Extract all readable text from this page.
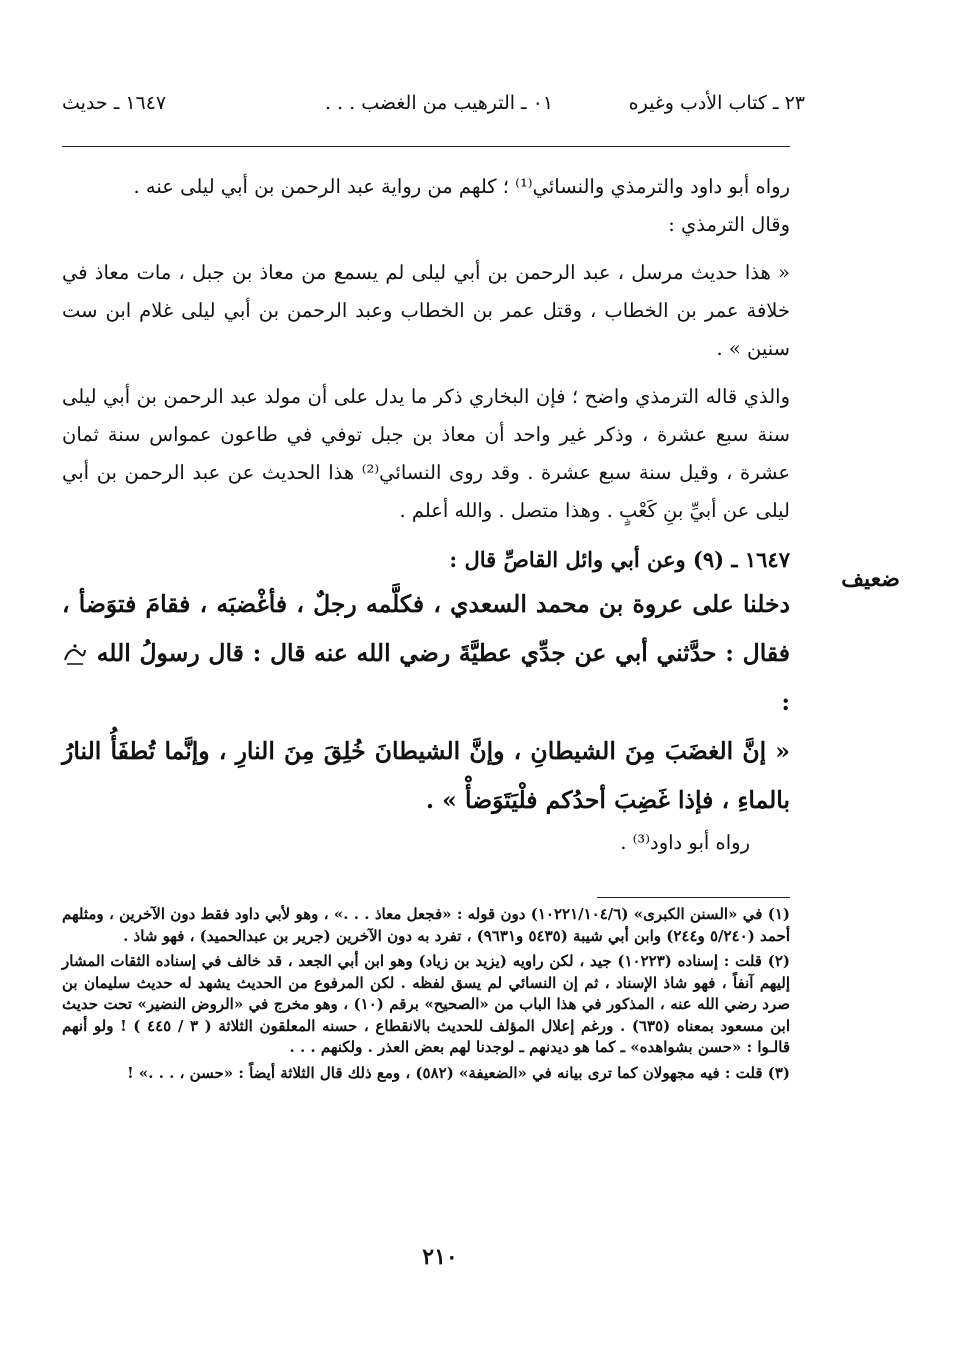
٢٣ ـ كتاب الأدب وغيره
٠١ ـ الترهيب من الغضب . . .
١٦٤٧ ـ حديث
ضعيف

رواه أبو داود والترمذي والنسائي⁽¹⁾ ؛ كلهم من رواية عبد الرحمن بن أبي ليلى عنه .

وقال الترمذي :

« هذا حديث مرسل ، عبد الرحمن بن أبي ليلى لم يسمع من معاذ بن جبل ، مات معاذ في خلافة عمر بن الخطاب ، وقتل عمر بن الخطاب وعبد الرحمن بن أبي ليلى غلام ابن ست سنين » .

والذي قاله الترمذي واضح ؛ فإن البخاري ذكر ما يدل على أن مولد عبد الرحمن بن أبي ليلى سنة سبع عشرة ، وذكر غير واحد أن معاذ بن جبل توفي في طاعون عمواس سنة ثمان عشرة ، وقيل سنة سبع عشرة . وقد روى النسائي⁽²⁾ هذا الحديث عن عبد الرحمن بن أبي ليلى عن أبيِّ بنِ كَعْبٍ . وهذا متصل . والله أعلم .

١٦٤٧ ـ (٩) وعن أبي وائل القاصِّ قال :

دخلنا على عروة بن محمد السعدي ، فكلَّمه رجلٌ ، فأغْضبَه ، فقامَ فتوَضأ ، فقال : حدَّثني أبي عن جدِّي عطيَّةَ رضي الله عنه قال : قال رسولُ الله  :

« إنَّ الغضَبَ مِنَ الشيطانِ ، وإنَّ الشيطانَ خُلِقَ مِنَ النارِ ، وإنَّما تُطفَأُ النارُ بالماءِ ، فإذا غَضِبَ أحدُكم فلْيَتَوَضأْ » .

رواه أبو داود⁽³⁾ .

(١) في «السنن الكبرى» (١٠٢٢١/١٠٤/٦) دون قوله : «فجعل معاذ . . .» ، وهو لأبي داود فقط دون الآخرين ، ومثلهم أحمد (٥/٢٤٠ و٢٤٤) وابن أبي شيبة (٥٤٣٥ و٩٦٣١) ، تفرد به دون الآخرين (جرير بن عبدالحميد) ، فهو شاذ .

(٢) قلت : إسناده (١٠٢٢٣) جيد ، لكن راويه (يزيد بن زياد) وهو ابن أبي الجعد ، قد خالف في إسناده الثقات المشار إليهم آنفاً ، فهو شاذ الإسناد ، ثم إن النسائي لم يسق لفظه . لكن المرفوع من الحديث يشهد له حديث سليمان بن صرد رضي الله عنه ، المذكور في هذا الباب من «الصحيح» برقم (١٠) ، وهو مخرج في «الروض النضير» تحت حديث ابن مسعود بمعناه (٦٣٥) . ورغم إعلال المؤلف للحديث بالانقطاع ، حسنه المعلقون الثلاثة ( ٣ / ٤٤٥ ) ! ولو أنهم قالـوا : «حسن بشواهده» ـ كما هو ديدنهم ـ لوجدنا لهم بعض العذر . ولكنهم . . .

(٣) قلت : فيه مجهولان كما ترى بيانه في «الضعيفة» (٥٨٢) ، ومع ذلك قال الثلاثة أيضاً : «حسن ، . . .» !

٢١٠
